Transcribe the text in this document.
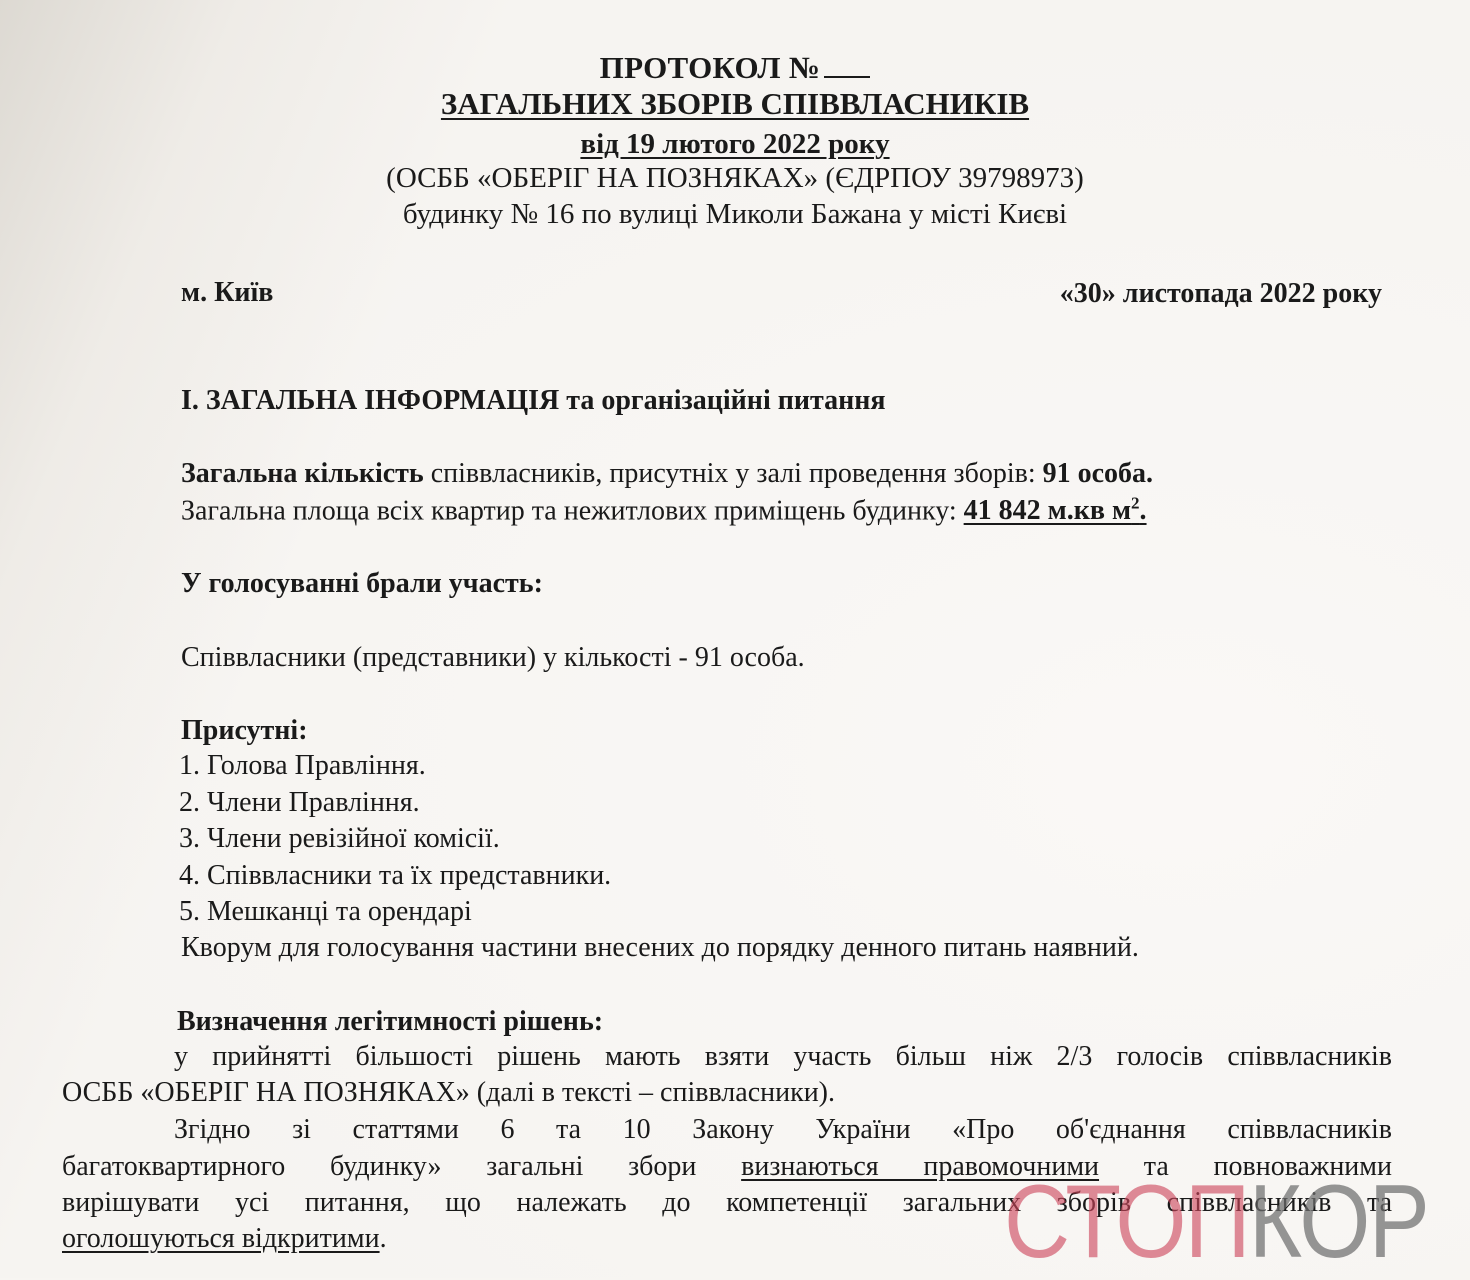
ПРОТОКОЛ №
ЗАГАЛЬНИХ ЗБОРІВ СПІВВЛАСНИКІВ
від 19 лютого 2022 року
(ОСББ «ОБЕРІГ НА ПОЗНЯКАХ» (ЄДРПОУ 39798973)
будинку № 16 по вулиці Миколи Бажана у місті Києві
м. Київ	«30» листопада 2022 року
І. ЗАГАЛЬНА ІНФОРМАЦІЯ та організаційні питання
Загальна кількість співвласників, присутніх у залі проведення зборів: 91 особа.
Загальна площа всіх квартир та нежитлових приміщень будинку: 41 842 м.кв $м^2$.
У голосуванні брали участь:
Співвласники (представники) у кількості - 91 особа.
Присутні:
1. Голова Правління.
2. Члени Правління.
3. Члени ревізійної комісії.
4. Співвласники та їх представники.
5. Мешканці та орендарі
Кворум для голосування частини внесених до порядку денного питань наявний.
Визначення легітимності рішень:
у прийнятті більшості рішень мають взяти участь більш ніж 2/3 голосів співвласників
ОСББ «ОБЕРІГ НА ПОЗНЯКАХ» (далі в тексті – співвласники).
Згідно зі статтями 6 та 10 Закону України «Про об'єднання співвласників
багатоквартирного будинку» загальні збори визнаються правомочними та повноважними
вирішувати усі питання, що належать до компетенції загальних зборів співвласників та
оголошуються відкритими.	СТОПКОР
